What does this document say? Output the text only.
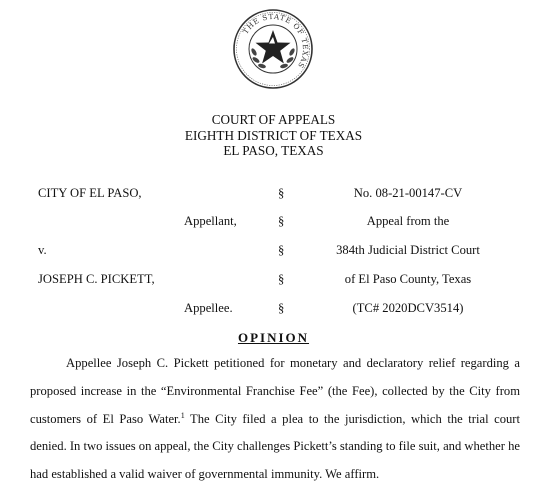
THE STATE OF TEXAS
COURT OF APPEALS
EIGHTH DISTRICT OF TEXAS
EL PASO, TEXAS
CITY OF EL PASO,
Appellant,
v.
JOSEPH C. PICKETT,
Appellee.
§
§
§
§
§
No. 08-21-00147-CV
Appeal from the
384th Judicial District Court
of El Paso County, Texas
(TC# 2020DCV3514)
OPINION

Appellee Joseph C. Pickett petitioned for monetary and declaratory relief regarding a proposed increase in the “Environmental Franchise Fee” (the Fee), collected by the City from customers of El Paso Water.$^1$ The City filed a plea to the jurisdiction, which the trial court denied. In two issues on appeal, the City challenges Pickett’s standing to file suit, and whether he had established a valid waiver of governmental immunity. We affirm.
